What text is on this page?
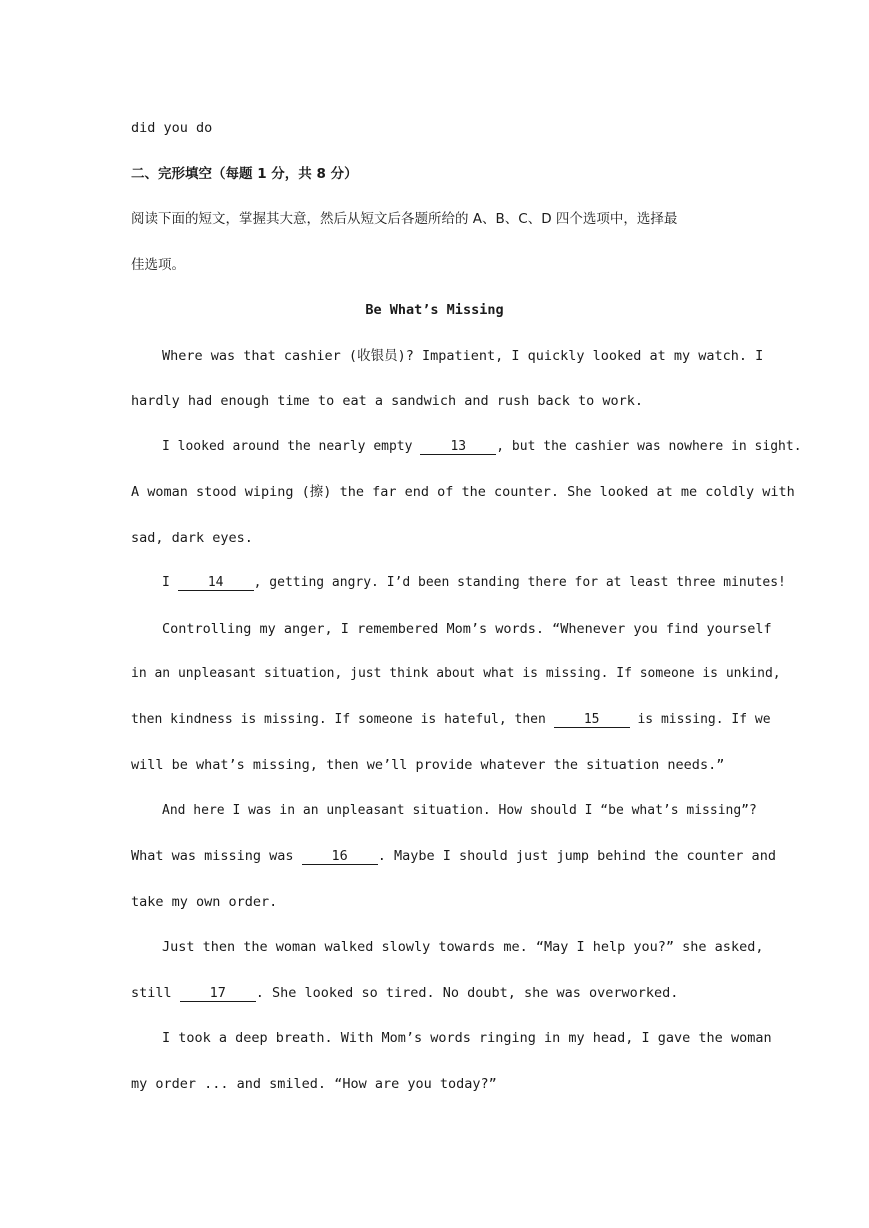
did you do
二、完形填空（每题 1 分，共 8 分）
阅读下面的短文，掌握其大意，然后从短文后各题所给的 A、B、C、D 四个选项中，选择最
佳选项。
Be What’s Missing
Where was that cashier (收银员)? Impatient, I quickly looked at my watch. I
hardly had enough time to eat a sandwich and rush back to work.
I looked around the nearly empty 13 , but the cashier was nowhere in sight.
A woman stood wiping (擦) the far end of the counter. She looked at me coldly with
sad, dark eyes.
I 14 , getting angry. I’d been standing there for at least three minutes!
Controlling my anger, I remembered Mom’s words. “Whenever you find yourself
in an unpleasant situation, just think about what is missing. If someone is unkind,
then kindness is missing. If someone is hateful, then 15 is missing. If we
will be what’s missing, then we’ll provide whatever the situation needs.”
And here I was in an unpleasant situation. How should I “be what’s missing”?
What was missing was 16 . Maybe I should just jump behind the counter and
take my own order.
Just then the woman walked slowly towards me. “May I help you?” she asked,
still 17 . She looked so tired. No doubt, she was overworked.
I took a deep breath. With Mom’s words ringing in my head, I gave the woman
my order ... and smiled. “How are you today?”
